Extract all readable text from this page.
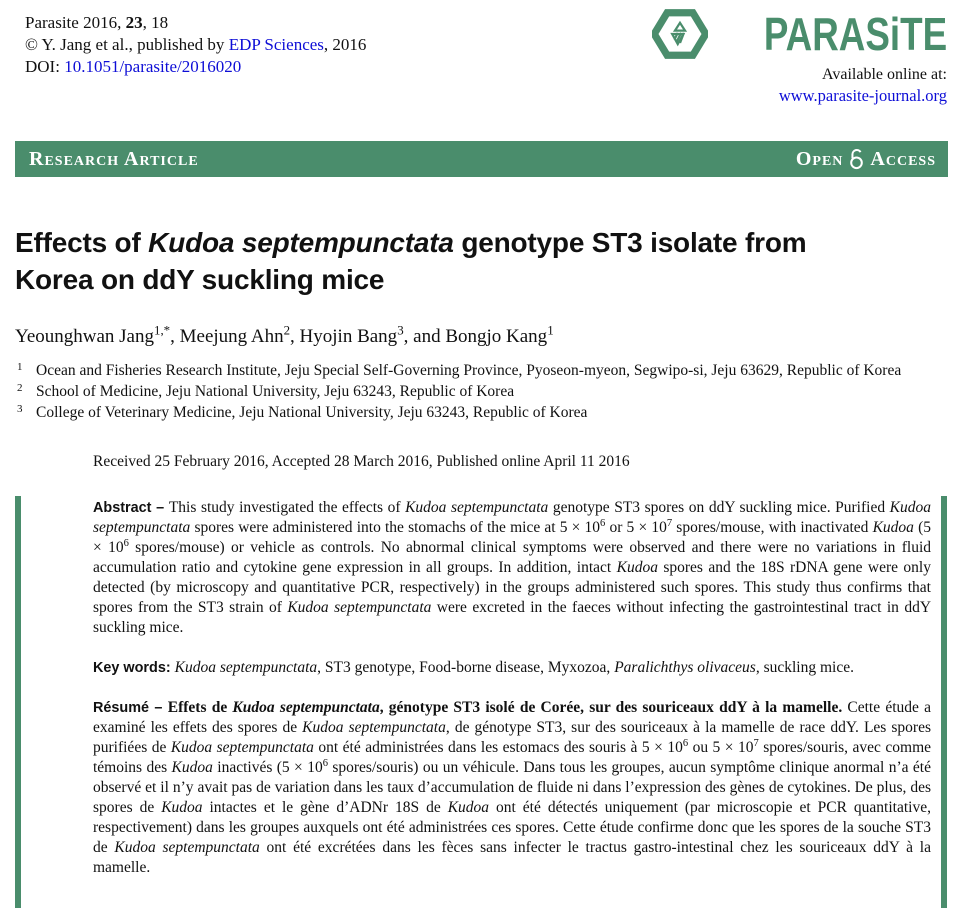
Parasite 2016, 23, 18
© Y. Jang et al., published by EDP Sciences, 2016
DOI: 10.1051/parasite/2016020
PARASiTE
Available online at:
www.parasite-journal.org
Research Article	Open Access
Effects of Kudoa septempunctata genotype ST3 isolate from Korea on ddY suckling mice
Yeounghwan Jang$^{1,*}$, Meejung Ahn$^2$, Hyojin Bang$^3$, and Bongjo Kang$^1$
1 Ocean and Fisheries Research Institute, Jeju Special Self-Governing Province, Pyoseon-myeon, Segwipo-si, Jeju 63629, Republic of Korea
2 School of Medicine, Jeju National University, Jeju 63243, Republic of Korea
3 College of Veterinary Medicine, Jeju National University, Jeju 63243, Republic of Korea
Received 25 February 2016, Accepted 28 March 2016, Published online April 11 2016

Abstract – This study investigated the effects of Kudoa septempunctata genotype ST3 spores on ddY suckling mice. Purified Kudoa septempunctata spores were administered into the stomachs of the mice at $5 \times 10^6$ or $5 \times 10^7$ spores/mouse, with inactivated Kudoa ($5 \times 10^6$ spores/mouse) or vehicle as controls. No abnormal clinical symptoms were observed and there were no variations in fluid accumulation ratio and cytokine gene expression in all groups. In addition, intact Kudoa spores and the 18S rDNA gene were only detected (by microscopy and quantitative PCR, respectively) in the groups administered such spores. This study thus confirms that spores from the ST3 strain of Kudoa septempunctata were excreted in the faeces without infecting the gastrointestinal tract in ddY suckling mice.

Key words: Kudoa septempunctata, ST3 genotype, Food-borne disease, Myxozoa, Paralichthys olivaceus, suckling mice.

Résumé – Effets de Kudoa septempunctata, génotype ST3 isolé de Corée, sur des souriceaux ddY à la mamelle. Cette étude a examiné les effets des spores de Kudoa septempunctata, de génotype ST3, sur des souriceaux à la mamelle de race ddY. Les spores purifiées de Kudoa septempunctata ont été administrées dans les estomacs des souris à $5 \times 10^6$ ou $5 \times 10^7$ spores/souris, avec comme témoins des Kudoa inactivés ($5 \times 10^6$ spores/souris) ou un véhicule. Dans tous les groupes, aucun symptôme clinique anormal n’a été observé et il n’y avait pas de variation dans les taux d’accumulation de fluide ni dans l’expression des gènes de cytokines. De plus, des spores de Kudoa intactes et le gène d’ADNr 18S de Kudoa ont été détectés uniquement (par microscopie et PCR quantitative, respectivement) dans les groupes auxquels ont été administrées ces spores. Cette étude confirme donc que les spores de la souche ST3 de Kudoa septempunctata ont été excrétées dans les fèces sans infecter le tractus gastro-intestinal chez les souriceaux ddY à la mamelle.
